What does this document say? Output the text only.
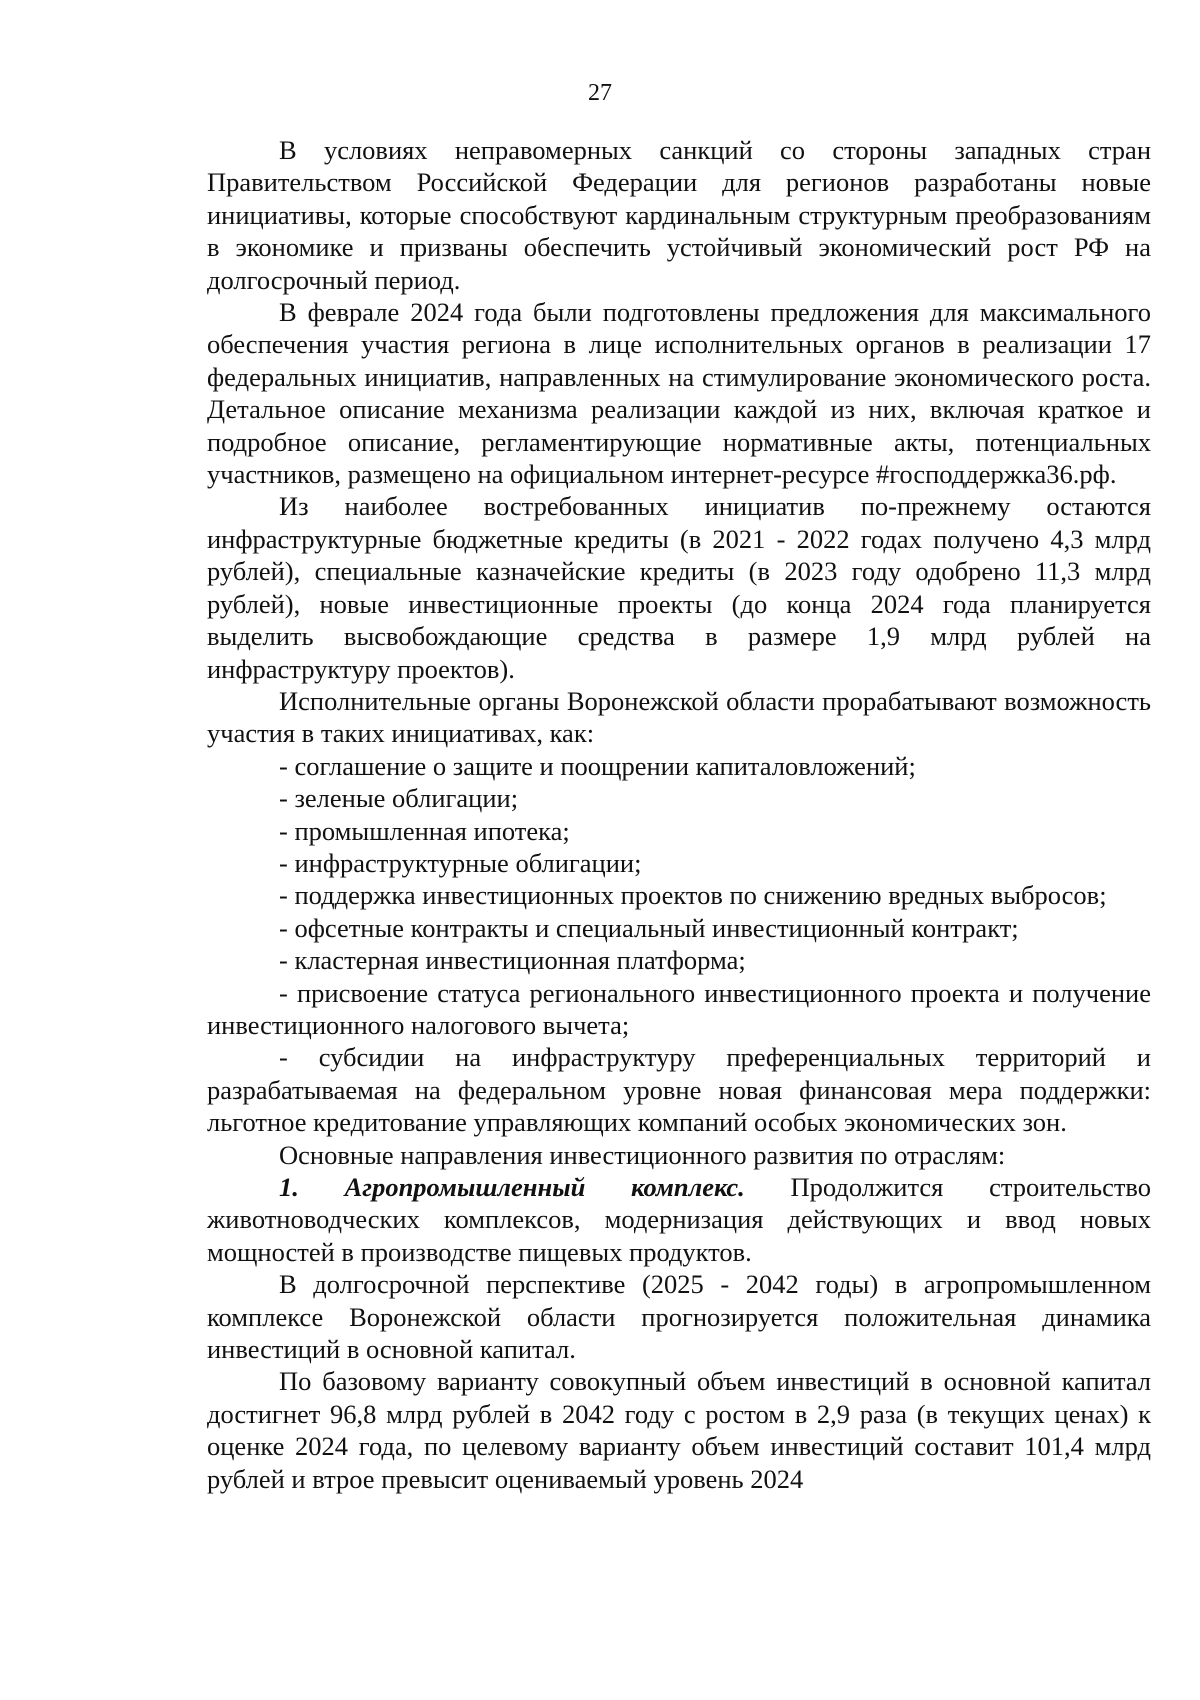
27

В условиях неправомерных санкций со стороны западных стран Правительством Российской Федерации для регионов разработаны новые инициативы, которые способствуют кардинальным структурным преобразованиям в экономике и призваны обеспечить устойчивый экономический рост РФ на долгосрочный период.

В феврале 2024 года были подготовлены предложения для максимального обеспечения участия региона в лице исполнительных органов в реализации 17 федеральных инициатив, направленных на стимулирование экономического роста. Детальное описание механизма реализации каждой из них, включая краткое и подробное описание, регламентирующие нормативные акты, потенциальных участников, размещено на официальном интернет-ресурсе #господдержка36.рф.

Из наиболее востребованных инициатив по-прежнему остаются инфраструктурные бюджетные кредиты (в 2021 - 2022 годах получено 4,3 млрд рублей), специальные казначейские кредиты (в 2023 году одобрено 11,3 млрд рублей), новые инвестиционные проекты (до конца 2024 года планируется выделить высвобождающие средства в размере 1,9 млрд рублей на инфраструктуру проектов).

Исполнительные органы Воронежской области прорабатывают возможность участия в таких инициативах, как:

- соглашение о защите и поощрении капиталовложений;

- зеленые облигации;

- промышленная ипотека;

- инфраструктурные облигации;

- поддержка инвестиционных проектов по снижению вредных выбросов;

- офсетные контракты и специальный инвестиционный контракт;

- кластерная инвестиционная платформа;

- присвоение статуса регионального инвестиционного проекта и получение инвестиционного налогового вычета;

- субсидии на инфраструктуру преференциальных территорий и разрабатываемая на федеральном уровне новая финансовая мера поддержки: льготное кредитование управляющих компаний особых экономических зон.

Основные направления инвестиционного развития по отраслям:

1. Агропромышленный комплекс. Продолжится строительство животноводческих комплексов, модернизация действующих и ввод новых мощностей в производстве пищевых продуктов.

В долгосрочной перспективе (2025 - 2042 годы) в агропромышленном комплексе Воронежской области прогнозируется положительная динамика инвестиций в основной капитал.

По базовому варианту совокупный объем инвестиций в основной капитал достигнет 96,8 млрд рублей в 2042 году с ростом в 2,9 раза (в текущих ценах) к оценке 2024 года, по целевому варианту объем инвестиций составит 101,4 млрд рублей и втрое превысит оцениваемый уровень 2024
